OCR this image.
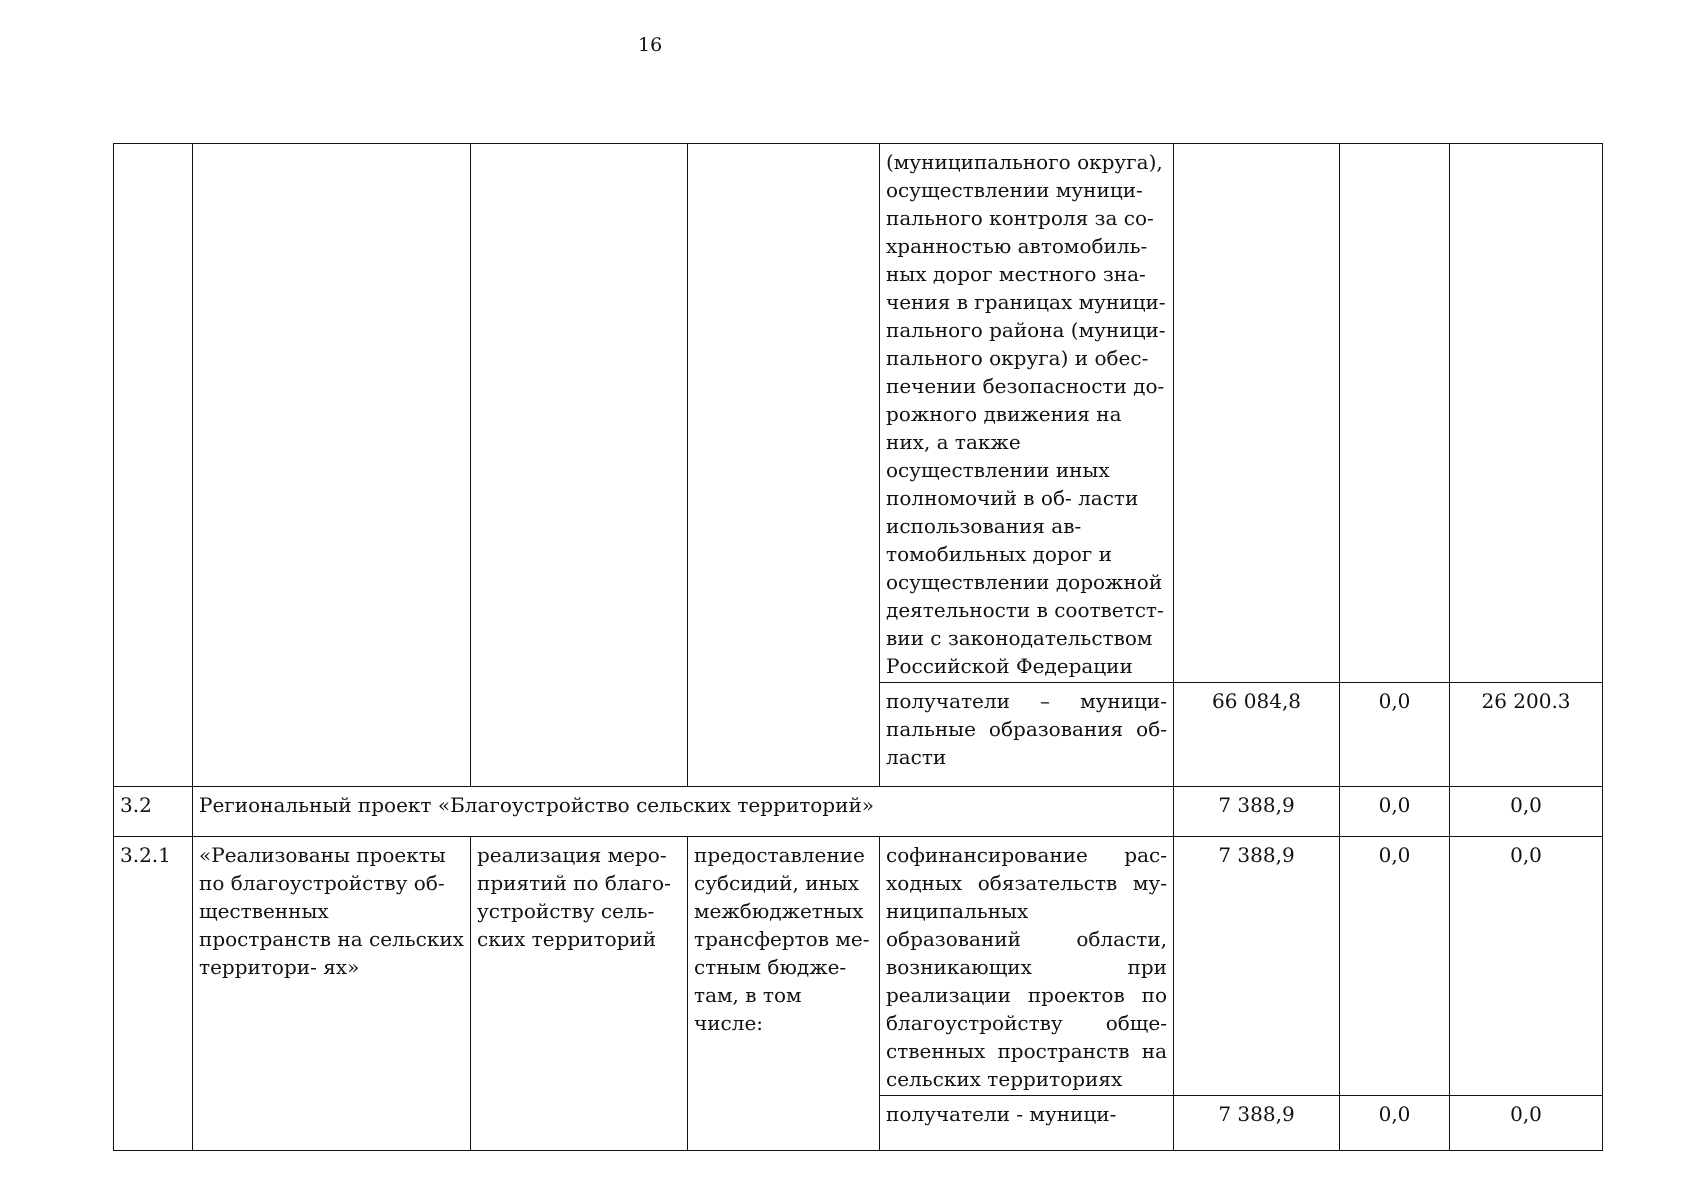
16
				(муниципального округа), осуществлении муници- пального контроля за со- хранностью автомобиль- ных дорог местного зна- чения в границах муници- пального района (муници- пального округа) и обес- печении безопасности до- рожного движения на них, а также осуществлении иных полномочий в об- ласти использования ав- томобильных дорог и осуществлении дорожной деятельности в соответст- вии с законодательством Российской Федерации			
				получатели – муници- пальные образования об- ласти	66 084,8	0,0	26 200.3
3.2	Региональный проект «Благоустройство сельских территорий»				7 388,9	0,0	0,0
3.2.1	«Реализованы проекты по благоустройству об- щественных пространств на сельских территори- ях»	реализация меро- приятий по благо- устройству сель- ских территорий	предоставление субсидий, иных межбюджетных трансфертов ме- стным бюдже- там, в том числе:	софинансирование рас- ходных обязательств му- ниципальных образований области, возникающих при реализации проектов по благоустройству обще- ственных пространств на сельских территориях	7 388,9	0,0	0,0
				получатели - муници-	7 388,9	0,0	0,0
